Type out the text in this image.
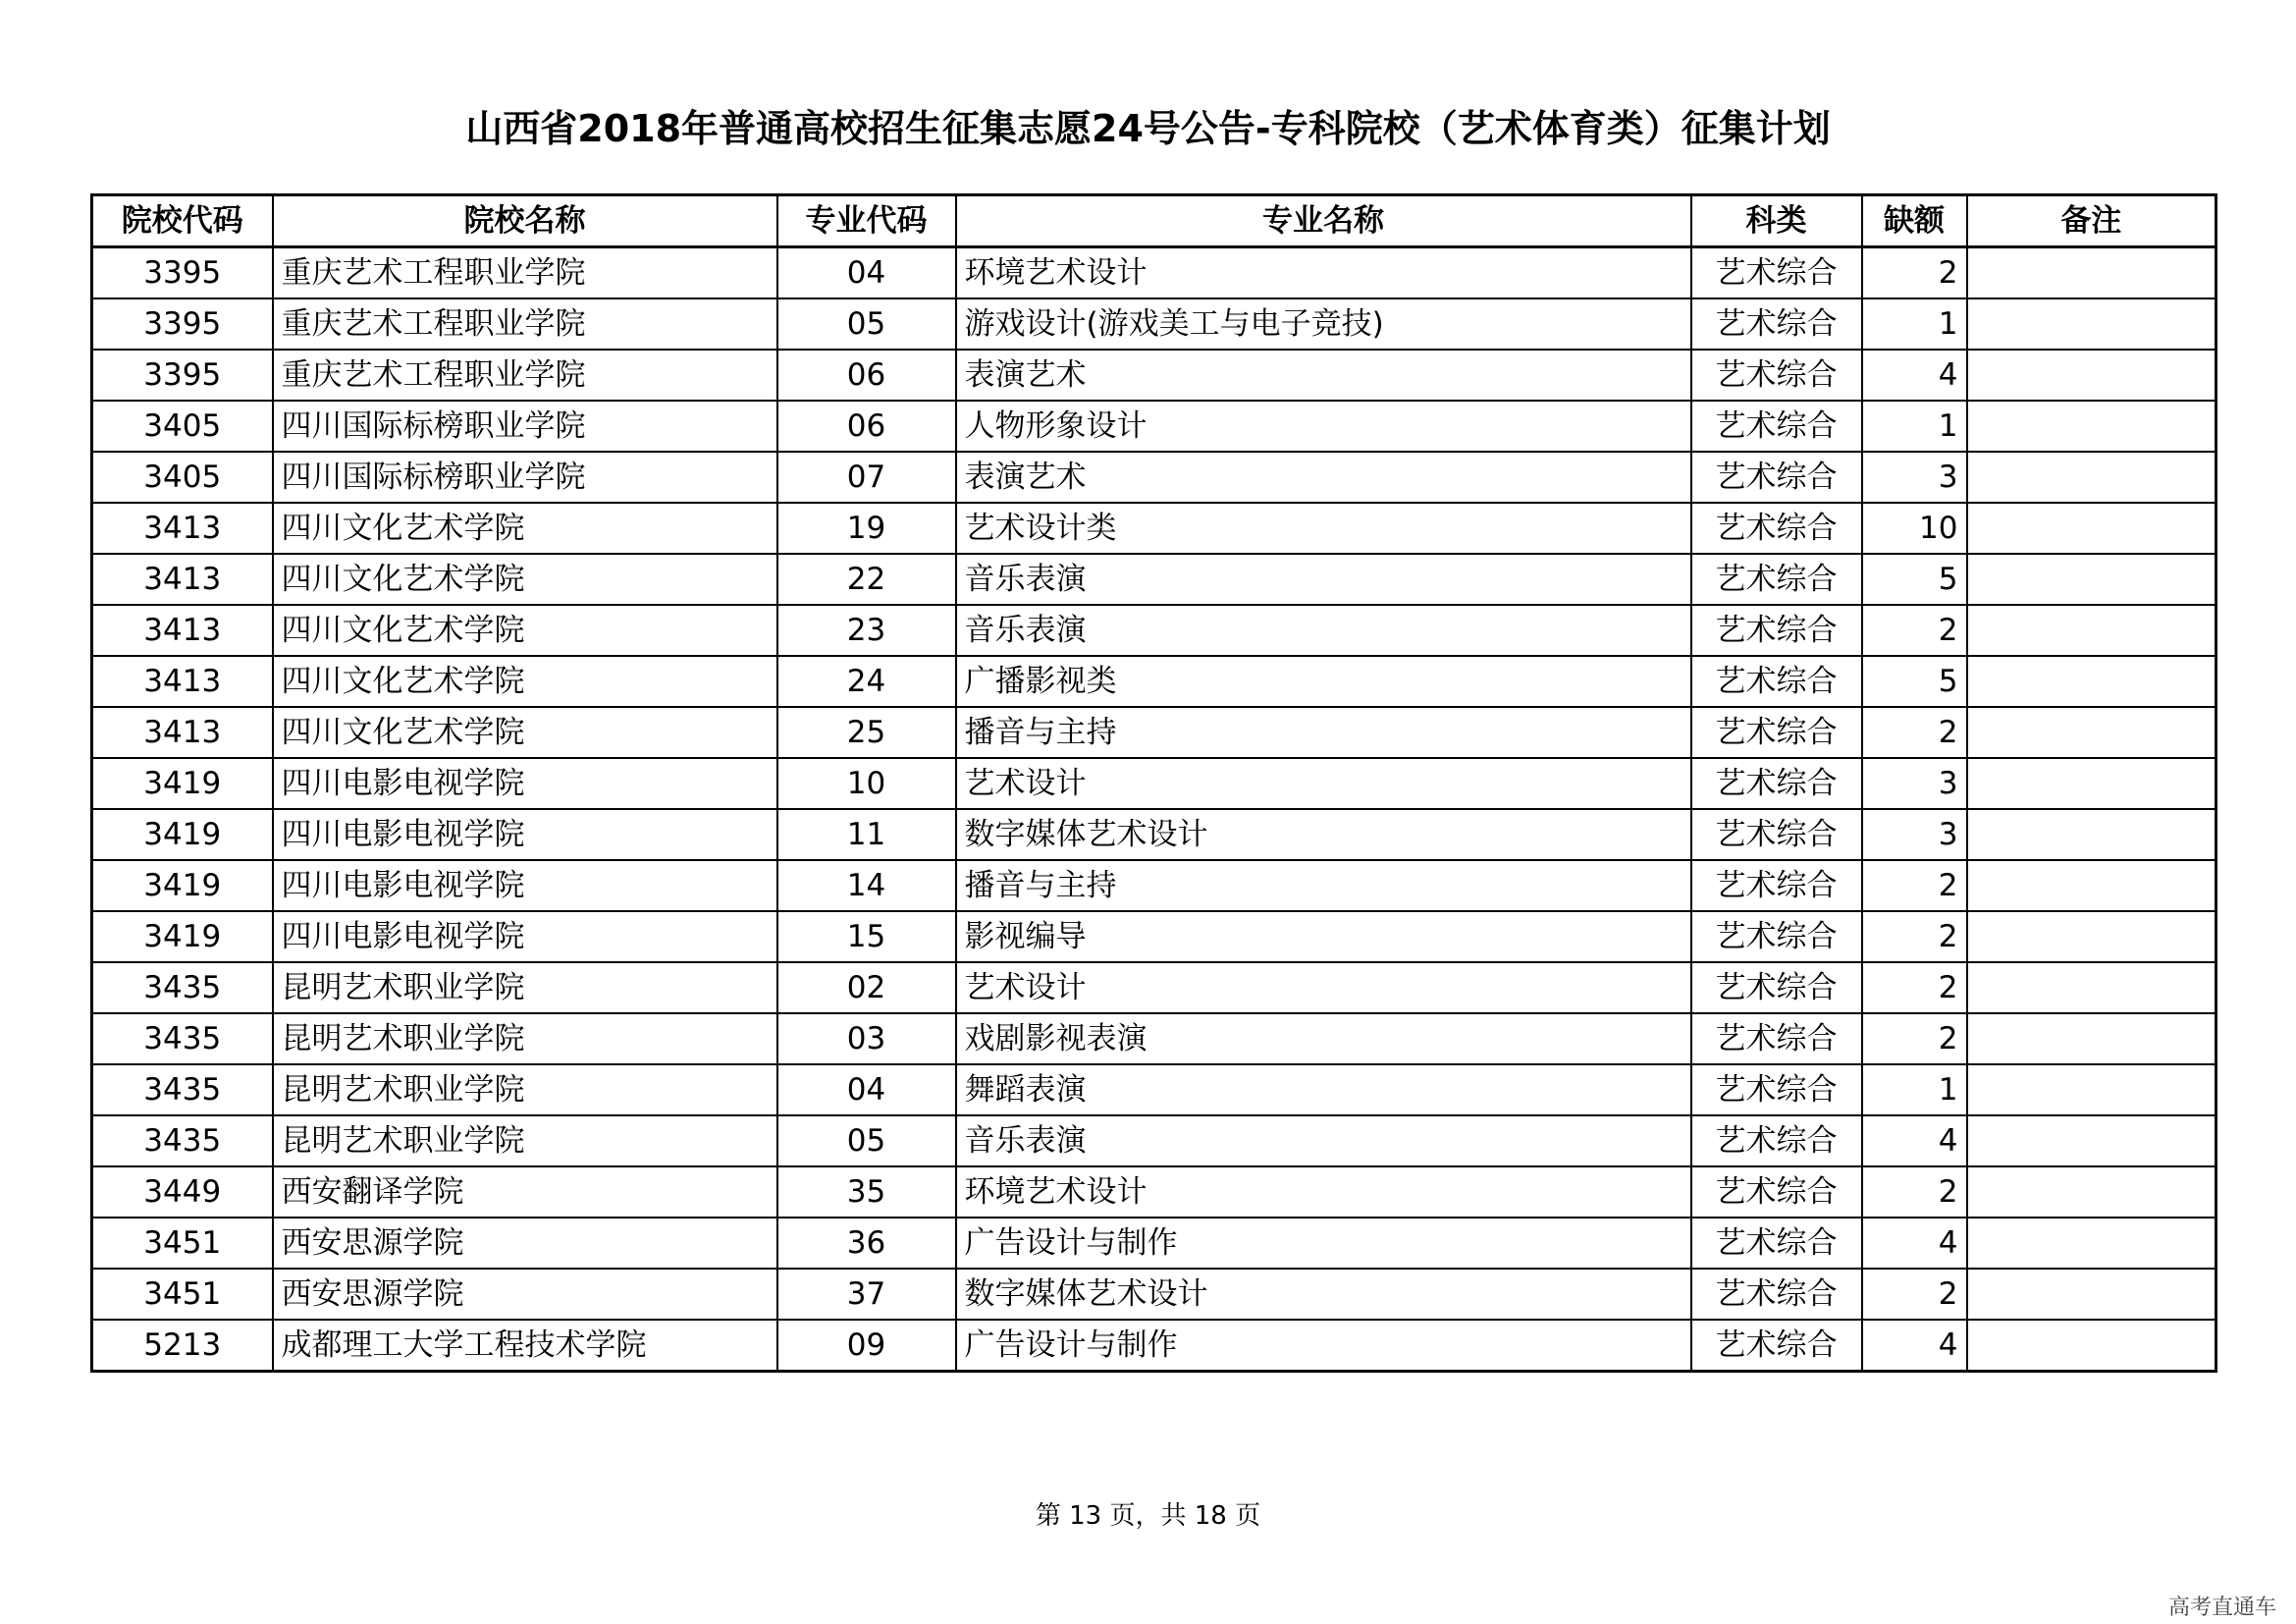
山西省2018年普通高校招生征集志愿24号公告-专科院校（艺术体育类）征集计划
院校代码	院校名称	专业代码	专业名称	科类	缺额	备注
3395	重庆艺术工程职业学院	04	环境艺术设计	艺术综合	2	
3395	重庆艺术工程职业学院	05	游戏设计(游戏美工与电子竞技)	艺术综合	1	
3395	重庆艺术工程职业学院	06	表演艺术	艺术综合	4	
3405	四川国际标榜职业学院	06	人物形象设计	艺术综合	1	
3405	四川国际标榜职业学院	07	表演艺术	艺术综合	3	
3413	四川文化艺术学院	19	艺术设计类	艺术综合	10	
3413	四川文化艺术学院	22	音乐表演	艺术综合	5	
3413	四川文化艺术学院	23	音乐表演	艺术综合	2	
3413	四川文化艺术学院	24	广播影视类	艺术综合	5	
3413	四川文化艺术学院	25	播音与主持	艺术综合	2	
3419	四川电影电视学院	10	艺术设计	艺术综合	3	
3419	四川电影电视学院	11	数字媒体艺术设计	艺术综合	3	
3419	四川电影电视学院	14	播音与主持	艺术综合	2	
3419	四川电影电视学院	15	影视编导	艺术综合	2	
3435	昆明艺术职业学院	02	艺术设计	艺术综合	2	
3435	昆明艺术职业学院	03	戏剧影视表演	艺术综合	2	
3435	昆明艺术职业学院	04	舞蹈表演	艺术综合	1	
3435	昆明艺术职业学院	05	音乐表演	艺术综合	4	
3449	西安翻译学院	35	环境艺术设计	艺术综合	2	
3451	西安思源学院	36	广告设计与制作	艺术综合	4	
3451	西安思源学院	37	数字媒体艺术设计	艺术综合	2	
5213	成都理工大学工程技术学院	09	广告设计与制作	艺术综合	4	
第 13 页，共 18 页
高考直通车
